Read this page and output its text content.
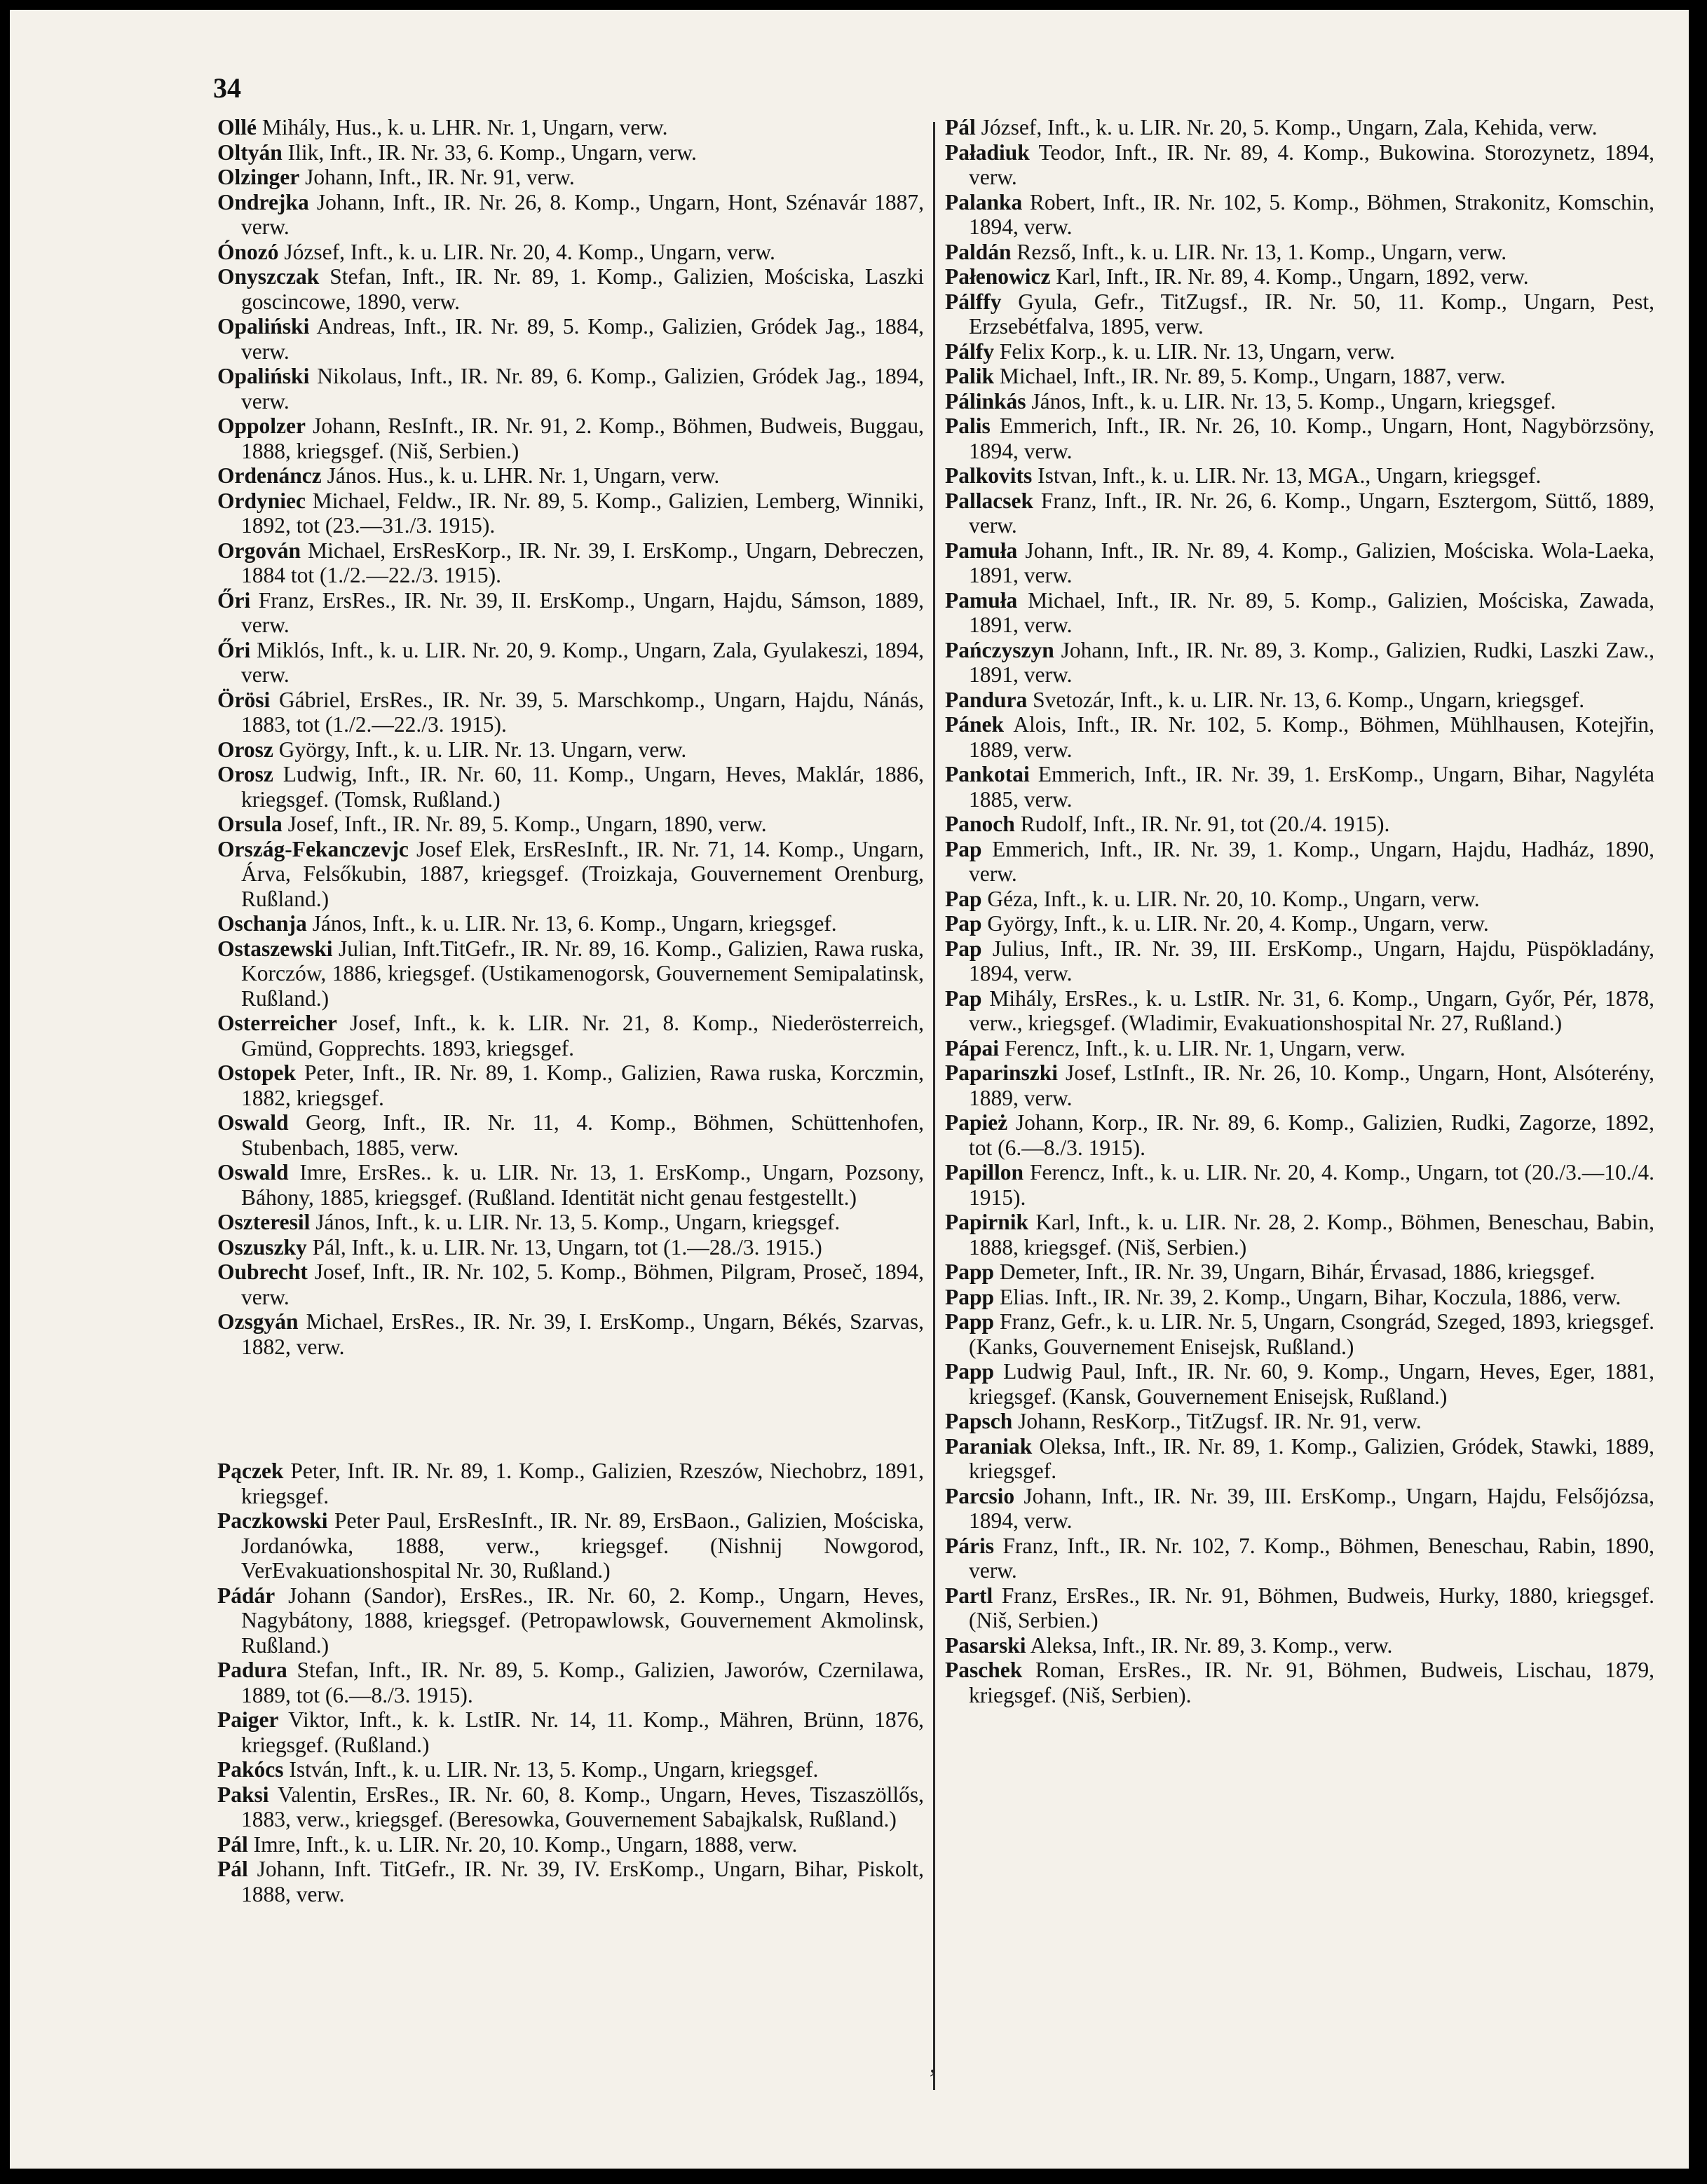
34

Ollé Mihály, Hus., k. u. LHR. Nr. 1, Ungarn, verw.

Oltyán Ilik, Inft., IR. Nr. 33, 6. Komp., Ungarn, verw.

Olzinger Johann, Inft., IR. Nr. 91, verw.

Ondrejka Johann, Inft., IR. Nr. 26, 8. Komp., Ungarn, Hont, Szénavár 1887, verw.

Ónozó József, Inft., k. u. LIR. Nr. 20, 4. Komp., Ungarn, verw.

Onyszczak Stefan, Inft., IR. Nr. 89, 1. Komp., Galizien, Mościska, Laszki goscincowe, 1890, verw.

Opaliński Andreas, Inft., IR. Nr. 89, 5. Komp., Galizien, Gródek Jag., 1884, verw.

Opaliński Nikolaus, Inft., IR. Nr. 89, 6. Komp., Galizien, Gródek Jag., 1894, verw.

Oppolzer Johann, ResInft., IR. Nr. 91, 2. Komp., Böhmen, Budweis, Buggau, 1888, kriegsgef. (Niš, Serbien.)

Ordenáncz János. Hus., k. u. LHR. Nr. 1, Ungarn, verw.

Ordyniec Michael, Feldw., IR. Nr. 89, 5. Komp., Galizien, Lemberg, Winniki, 1892, tot (23.—31./3. 1915).

Orgován Michael, ErsResKorp., IR. Nr. 39, I. ErsKomp., Ungarn, Debreczen, 1884 tot (1./2.—22./3. 1915).

Őri Franz, ErsRes., IR. Nr. 39, II. ErsKomp., Ungarn, Hajdu, Sámson, 1889, verw.

Őri Miklós, Inft., k. u. LIR. Nr. 20, 9. Komp., Ungarn, Zala, Gyulakeszi, 1894, verw.

Örösi Gábriel, ErsRes., IR. Nr. 39, 5. Marschkomp., Ungarn, Hajdu, Nánás, 1883, tot (1./2.—22./3. 1915).

Orosz György, Inft., k. u. LIR. Nr. 13. Ungarn, verw.

Orosz Ludwig, Inft., IR. Nr. 60, 11. Komp., Ungarn, Heves, Maklár, 1886, kriegsgef. (Tomsk, Rußland.)

Orsula Josef, Inft., IR. Nr. 89, 5. Komp., Ungarn, 1890, verw.

Ország-Fekanczevjc Josef Elek, ErsResInft., IR. Nr. 71, 14. Komp., Ungarn, Árva, Felsőkubin, 1887, kriegsgef. (Troizkaja, Gouvernement Orenburg, Rußland.)

Oschanja János, Inft., k. u. LIR. Nr. 13, 6. Komp., Ungarn, kriegsgef.

Ostaszewski Julian, Inft.TitGefr., IR. Nr. 89, 16. Komp., Galizien, Rawa ruska, Korczów, 1886, kriegsgef. (Ustikamenogorsk, Gouvernement Semipalatinsk, Rußland.)

Osterreicher Josef, Inft., k. k. LIR. Nr. 21, 8. Komp., Niederösterreich, Gmünd, Gopprechts. 1893, kriegsgef.

Ostopek Peter, Inft., IR. Nr. 89, 1. Komp., Galizien, Rawa ruska, Korczmin, 1882, kriegsgef.

Oswald Georg, Inft., IR. Nr. 11, 4. Komp., Böhmen, Schüttenhofen, Stubenbach, 1885, verw.

Oswald Imre, ErsRes.. k. u. LIR. Nr. 13, 1. ErsKomp., Ungarn, Pozsony, Báhony, 1885, kriegsgef. (Rußland. Identität nicht genau festgestellt.)

Oszteresil János, Inft., k. u. LIR. Nr. 13, 5. Komp., Ungarn, kriegsgef.

Oszuszky Pál, Inft., k. u. LIR. Nr. 13, Ungarn, tot (1.—28./3. 1915.)

Oubrecht Josef, Inft., IR. Nr. 102, 5. Komp., Böhmen, Pilgram, Proseč, 1894, verw.

Ozsgyán Michael, ErsRes., IR. Nr. 39, I. ErsKomp., Ungarn, Békés, Szarvas, 1882, verw.

Pączek Peter, Inft. IR. Nr. 89, 1. Komp., Galizien, Rzeszów, Niechobrz, 1891, kriegsgef.

Paczkowski Peter Paul, ErsResInft., IR. Nr. 89, ErsBaon., Galizien, Mościska, Jordanówka, 1888, verw., kriegsgef. (Nishnij Nowgorod, VerEvakuationshospital Nr. 30, Rußland.)

Pádár Johann (Sandor), ErsRes., IR. Nr. 60, 2. Komp., Ungarn, Heves, Nagybátony, 1888, kriegsgef. (Petropawlowsk, Gouvernement Akmolinsk, Rußland.)

Padura Stefan, Inft., IR. Nr. 89, 5. Komp., Galizien, Jaworów, Czernilawa, 1889, tot (6.—8./3. 1915).

Paiger Viktor, Inft., k. k. LstIR. Nr. 14, 11. Komp., Mähren, Brünn, 1876, kriegsgef. (Rußland.)

Pakócs István, Inft., k. u. LIR. Nr. 13, 5. Komp., Ungarn, kriegsgef.

Paksi Valentin, ErsRes., IR. Nr. 60, 8. Komp., Ungarn, Heves, Tiszaszöllős, 1883, verw., kriegsgef. (Beresowka, Gouvernement Sabajkalsk, Rußland.)

Pál Imre, Inft., k. u. LIR. Nr. 20, 10. Komp., Ungarn, 1888, verw.

Pál Johann, Inft. TitGefr., IR. Nr. 39, IV. ErsKomp., Ungarn, Bihar, Piskolt, 1888, verw.

Pál József, Inft., k. u. LIR. Nr. 20, 5. Komp., Ungarn, Zala, Kehida, verw.

Paładiuk Teodor, Inft., IR. Nr. 89, 4. Komp., Bukowina. Storozynetz, 1894, verw.

Palanka Robert, Inft., IR. Nr. 102, 5. Komp., Böhmen, Strakonitz, Komschin, 1894, verw.

Paldán Rezső, Inft., k. u. LIR. Nr. 13, 1. Komp., Ungarn, verw.

Pałenowicz Karl, Inft., IR. Nr. 89, 4. Komp., Ungarn, 1892, verw.

Pálffy Gyula, Gefr., TitZugsf., IR. Nr. 50, 11. Komp., Ungarn, Pest, Erzsebétfalva, 1895, verw.

Pálfy Felix Korp., k. u. LIR. Nr. 13, Ungarn, verw.

Palik Michael, Inft., IR. Nr. 89, 5. Komp., Ungarn, 1887, verw.

Pálinkás János, Inft., k. u. LIR. Nr. 13, 5. Komp., Ungarn, kriegsgef.

Palis Emmerich, Inft., IR. Nr. 26, 10. Komp., Ungarn, Hont, Nagybörzsöny, 1894, verw.

Palkovits Istvan, Inft., k. u. LIR. Nr. 13, MGA., Ungarn, kriegsgef.

Pallacsek Franz, Inft., IR. Nr. 26, 6. Komp., Ungarn, Esztergom, Süttő, 1889, verw.

Pamuła Johann, Inft., IR. Nr. 89, 4. Komp., Galizien, Mościska. Wola-Laeka, 1891, verw.

Pamuła Michael, Inft., IR. Nr. 89, 5. Komp., Galizien, Mościska, Zawada, 1891, verw.

Pańczyszyn Johann, Inft., IR. Nr. 89, 3. Komp., Galizien, Rudki, Laszki Zaw., 1891, verw.

Pandura Svetozár, Inft., k. u. LIR. Nr. 13, 6. Komp., Ungarn, kriegsgef.

Pánek Alois, Inft., IR. Nr. 102, 5. Komp., Böhmen, Mühlhausen, Kotejřin, 1889, verw.

Pankotai Emmerich, Inft., IR. Nr. 39, 1. ErsKomp., Ungarn, Bihar, Nagyléta 1885, verw.

Panoch Rudolf, Inft., IR. Nr. 91, tot (20./4. 1915).

Pap Emmerich, Inft., IR. Nr. 39, 1. Komp., Ungarn, Hajdu, Hadház, 1890, verw.

Pap Géza, Inft., k. u. LIR. Nr. 20, 10. Komp., Ungarn, verw.

Pap György, Inft., k. u. LIR. Nr. 20, 4. Komp., Ungarn, verw.

Pap Julius, Inft., IR. Nr. 39, III. ErsKomp., Ungarn, Hajdu, Püspökladány, 1894, verw.

Pap Mihály, ErsRes., k. u. LstIR. Nr. 31, 6. Komp., Ungarn, Győr, Pér, 1878, verw., kriegsgef. (Wladimir, Evakuationshospital Nr. 27, Rußland.)

Pápai Ferencz, Inft., k. u. LIR. Nr. 1, Ungarn, verw.

Paparinszki Josef, LstInft., IR. Nr. 26, 10. Komp., Ungarn, Hont, Alsóterény, 1889, verw.

Papież Johann, Korp., IR. Nr. 89, 6. Komp., Galizien, Rudki, Zagorze, 1892, tot (6.—8./3. 1915).

Papillon Ferencz, Inft., k. u. LIR. Nr. 20, 4. Komp., Ungarn, tot (20./3.—10./4. 1915).

Papirnik Karl, Inft., k. u. LIR. Nr. 28, 2. Komp., Böhmen, Beneschau, Babin, 1888, kriegsgef. (Niš, Serbien.)

Papp Demeter, Inft., IR. Nr. 39, Ungarn, Bihár, Érvasad, 1886, kriegsgef.

Papp Elias. Inft., IR. Nr. 39, 2. Komp., Ungarn, Bihar, Koczula, 1886, verw.

Papp Franz, Gefr., k. u. LIR. Nr. 5, Ungarn, Csongrád, Szeged, 1893, kriegsgef. (Kanks, Gouvernement Enisejsk, Rußland.)

Papp Ludwig Paul, Inft., IR. Nr. 60, 9. Komp., Ungarn, Heves, Eger, 1881, kriegsgef. (Kansk, Gouvernement Enisejsk, Rußland.)

Papsch Johann, ResKorp., TitZugsf. IR. Nr. 91, verw.

Paraniak Oleksa, Inft., IR. Nr. 89, 1. Komp., Galizien, Gródek, Stawki, 1889, kriegsgef.

Parcsio Johann, Inft., IR. Nr. 39, III. ErsKomp., Ungarn, Hajdu, Felsőjózsa, 1894, verw.

Páris Franz, Inft., IR. Nr. 102, 7. Komp., Böhmen, Beneschau, Rabin, 1890, verw.

Partl Franz, ErsRes., IR. Nr. 91, Böhmen, Budweis, Hurky, 1880, kriegsgef. (Niš, Serbien.)

Pasarski Aleksa, Inft., IR. Nr. 89, 3. Komp., verw.

Paschek Roman, ErsRes., IR. Nr. 91, Böhmen, Budweis, Lischau, 1879, kriegsgef. (Niš, Serbien).

’
